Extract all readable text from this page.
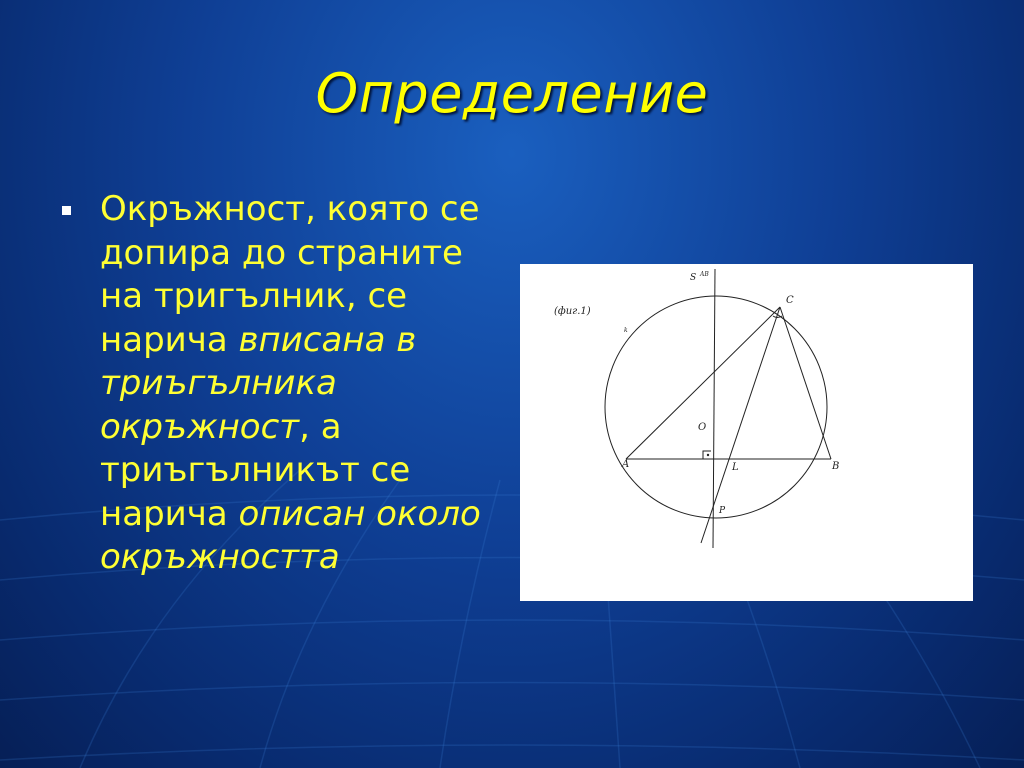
Определение
Окръжност, която се допира до страните на тригълник, се нарича вписана в триъгълника окръжност, а триъгълникът се нарича описан около окръжността
(фиг.1)
S AB
C
k
O
A	L	B
P
